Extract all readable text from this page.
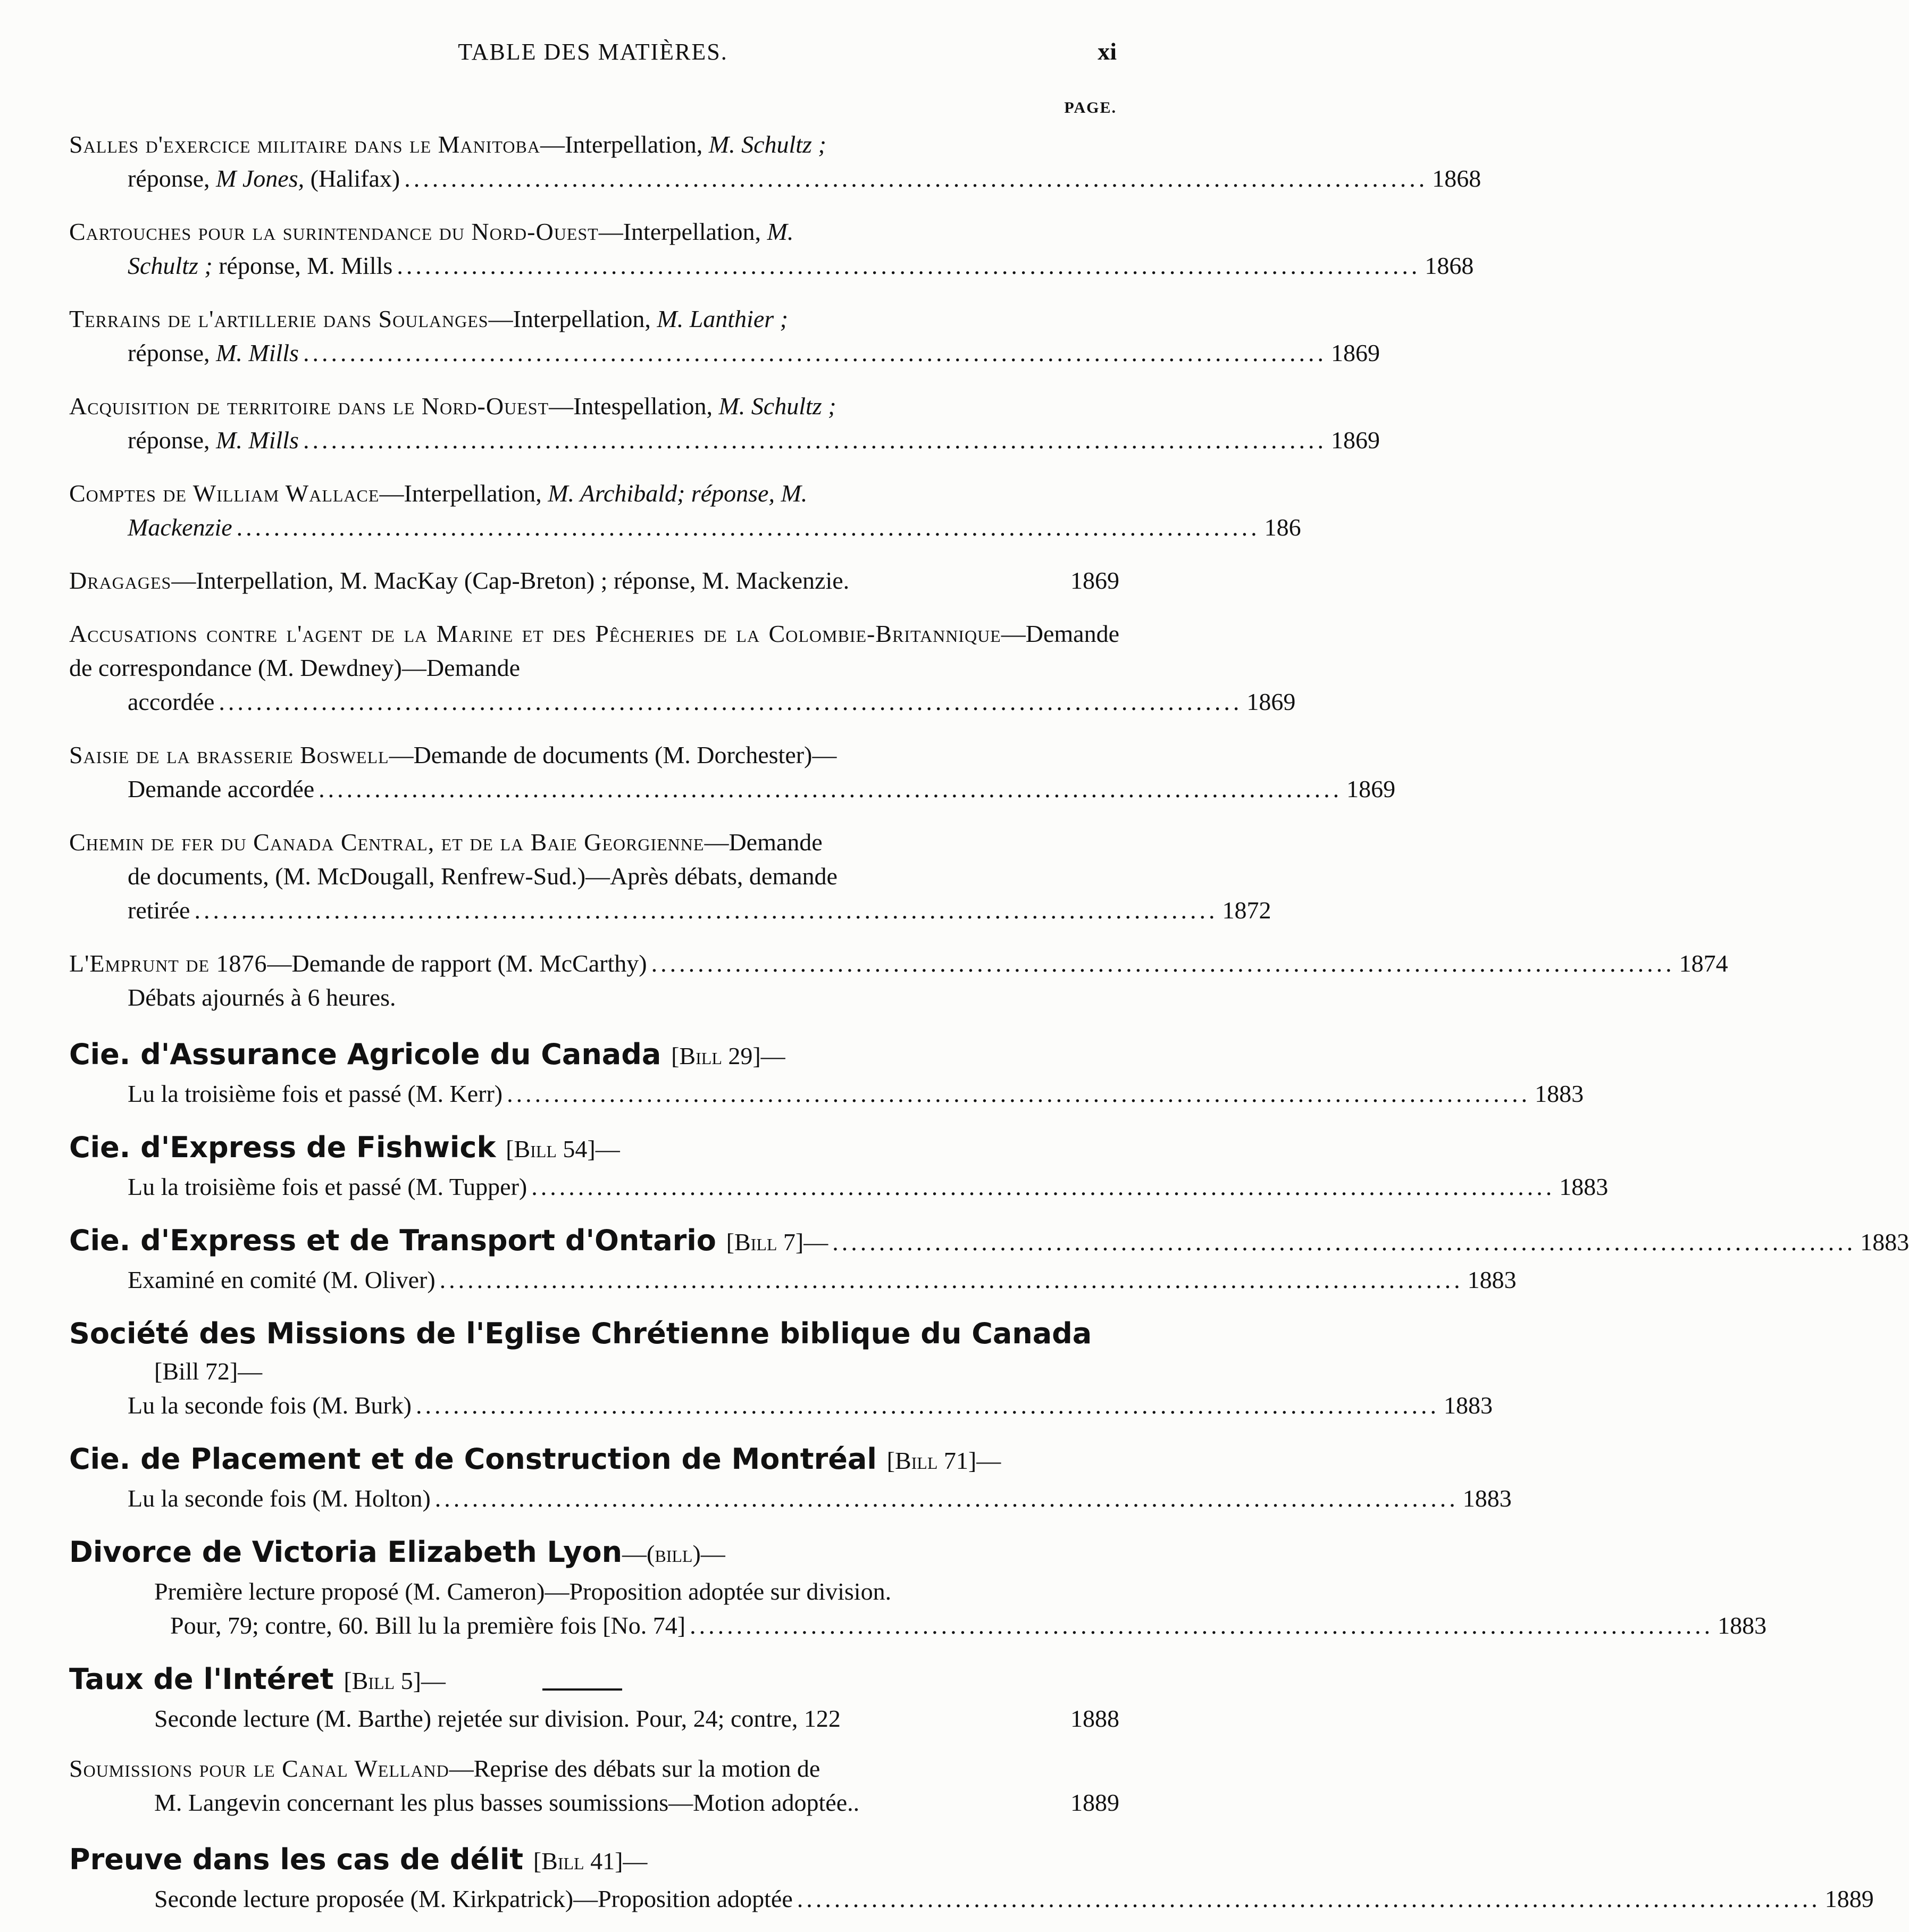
TABLE DES MATIÈRES.	xi
PAGE.
Salles d'exercice militaire dans le Manitoba—Interpellation, M. Schultz ;
réponse, M Jones, (Halifax) .............................................................................................................. 1868
Cartouches pour la surintendance du Nord-Ouest—Interpellation, M.
Schultz ; réponse, M. Mills .............................................................................................................. 1868
Terrains de l'artillerie dans Soulanges—Interpellation, M. Lanthier ;
réponse, M. Mills .............................................................................................................. 1869
Acquisition de territoire dans le Nord-Ouest—Intespellation, M. Schultz ;
réponse, M. Mills .............................................................................................................. 1869
Comptes de William Wallace—Interpellation, M. Archibald; réponse, M.
Mackenzie .............................................................................................................. 186
Dragages—Interpellation, M. MacKay (Cap-Breton) ; réponse, M. Mackenzie.	1869
Accusations contre l'agent de la Marine et des Pêcheries de la Colombie-Britannique—Demande de correspondance (M. Dewdney)—Demande
accordée .............................................................................................................. 1869
Saisie de la brasserie Boswell—Demande de documents (M. Dorchester)—
Demande accordée .............................................................................................................. 1869
Chemin de fer du Canada Central, et de la Baie Georgienne—Demande
de documents, (M. McDougall, Renfrew-Sud.)—Après débats, demande
retirée .............................................................................................................. 1872
L'Emprunt de 1876—Demande de rapport (M. McCarthy) .............................................................................................................. 1874
Débats ajournés à 6 heures.
Cie. d'Assurance Agricole du Canada [Bill 29]—
Lu la troisième fois et passé (M. Kerr) .............................................................................................................. 1883
Cie. d'Express de Fishwick [Bill 54]—
Lu la troisième fois et passé (M. Tupper) .............................................................................................................. 1883
Cie. d'Express et de Transport d'Ontario [Bill 7]— .............................................................................................................. 1883
Examiné en comité (M. Oliver) .............................................................................................................. 1883
Société des Missions de l'Eglise Chrétienne biblique du Canada
[Bill 72]—
Lu la seconde fois (M. Burk) .............................................................................................................. 1883
Cie. de Placement et de Construction de Montréal [Bill 71]—
Lu la seconde fois (M. Holton) .............................................................................................................. 1883
Divorce de Victoria Elizabeth Lyon—(bill)—
Première lecture proposé (M. Cameron)—Proposition adoptée sur division.
Pour, 79; contre, 60. Bill lu la première fois [No. 74] .............................................................................................................. 1883
Taux de l'Intéret [Bill 5]—
Seconde lecture (M. Barthe) rejetée sur division. Pour, 24; contre, 122	1888
Soumissions pour le Canal Welland—Reprise des débats sur la motion de
M. Langevin concernant les plus basses soumissions—Motion adoptée..	1889
Preuve dans les cas de délit [Bill 41]—
Seconde lecture proposée (M. Kirkpatrick)—Proposition adoptée .............................................................................................................. 1889
